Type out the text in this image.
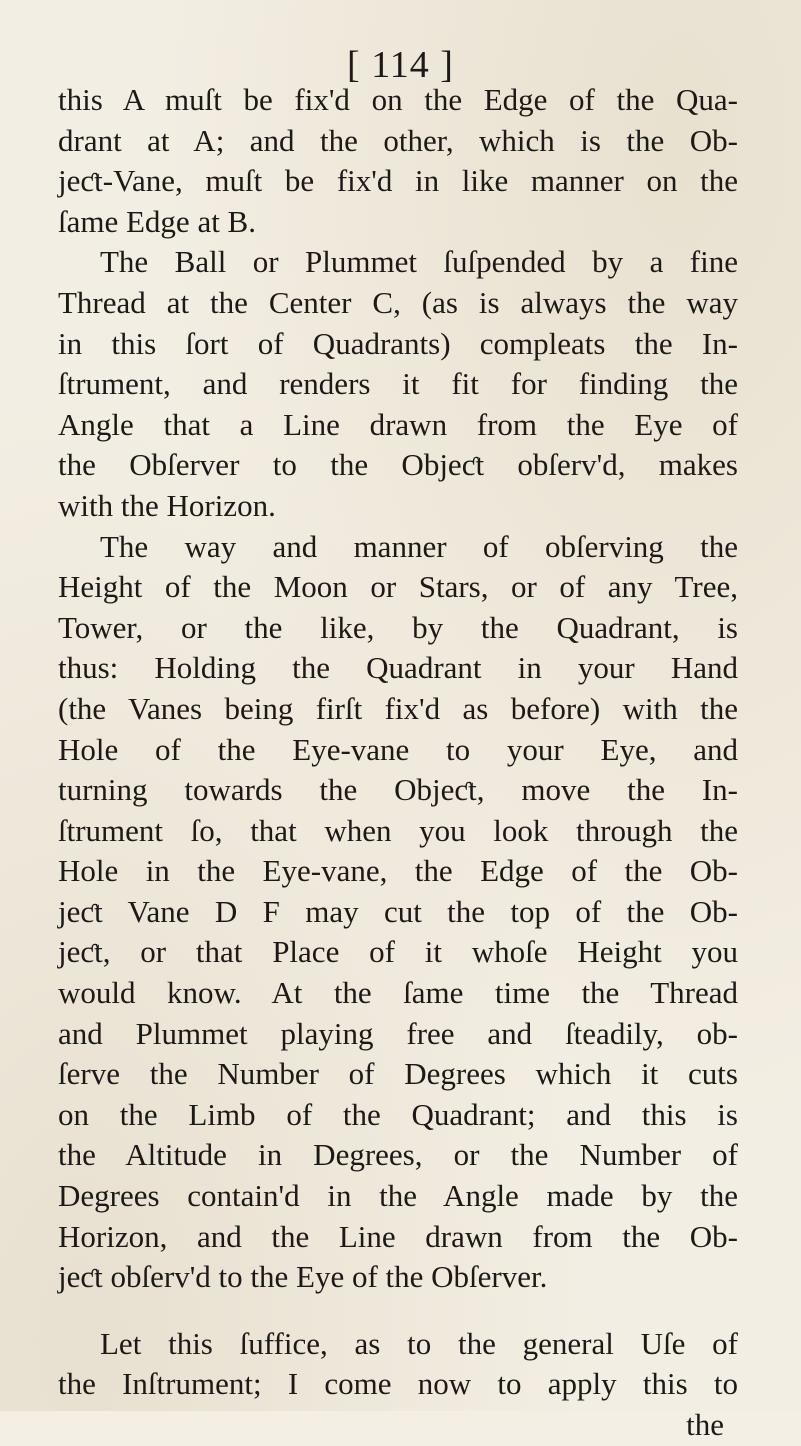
[ 114 ]
this A muſt be fix'd on the Edge of the Qua-
drant at A; and the other, which is the Ob-
jeƈt-Vane, muſt be fix'd in like manner on the
ſame Edge at B.
The Ball or Plummet ſuſpended by a fine
Thread at the Center C, (as is always the way
in this ſort of Quadrants) compleats the In-
ſtrument, and renders it fit for finding the
Angle that a Line drawn from the Eye of
the Obſerver to the Objeƈt obſerv'd, makes
with the Horizon.
The way and manner of obſerving the
Height of the Moon or Stars, or of any Tree,
Tower, or the like, by the Quadrant, is
thus: Holding the Quadrant in your Hand
(the Vanes being firſt fix'd as before) with the
Hole of the Eye-vane to your Eye, and
turning towards the Objeƈt, move the In-
ſtrument ſo, that when you look through the
Hole in the Eye-vane, the Edge of the Ob-
jeƈt Vane D F may cut the top of the Ob-
jeƈt, or that Place of it whoſe Height you
would know. At the ſame time the Thread
and Plummet playing free and ſteadily, ob-
ſerve the Number of Degrees which it cuts
on the Limb of the Quadrant; and this is
the Altitude in Degrees, or the Number of
Degrees contain'd in the Angle made by the
Horizon, and the Line drawn from the Ob-
jeƈt obſerv'd to the Eye of the Obſerver.
Let this ſuffice, as to the general Uſe of
the Inſtrument; I come now to apply this to
the
